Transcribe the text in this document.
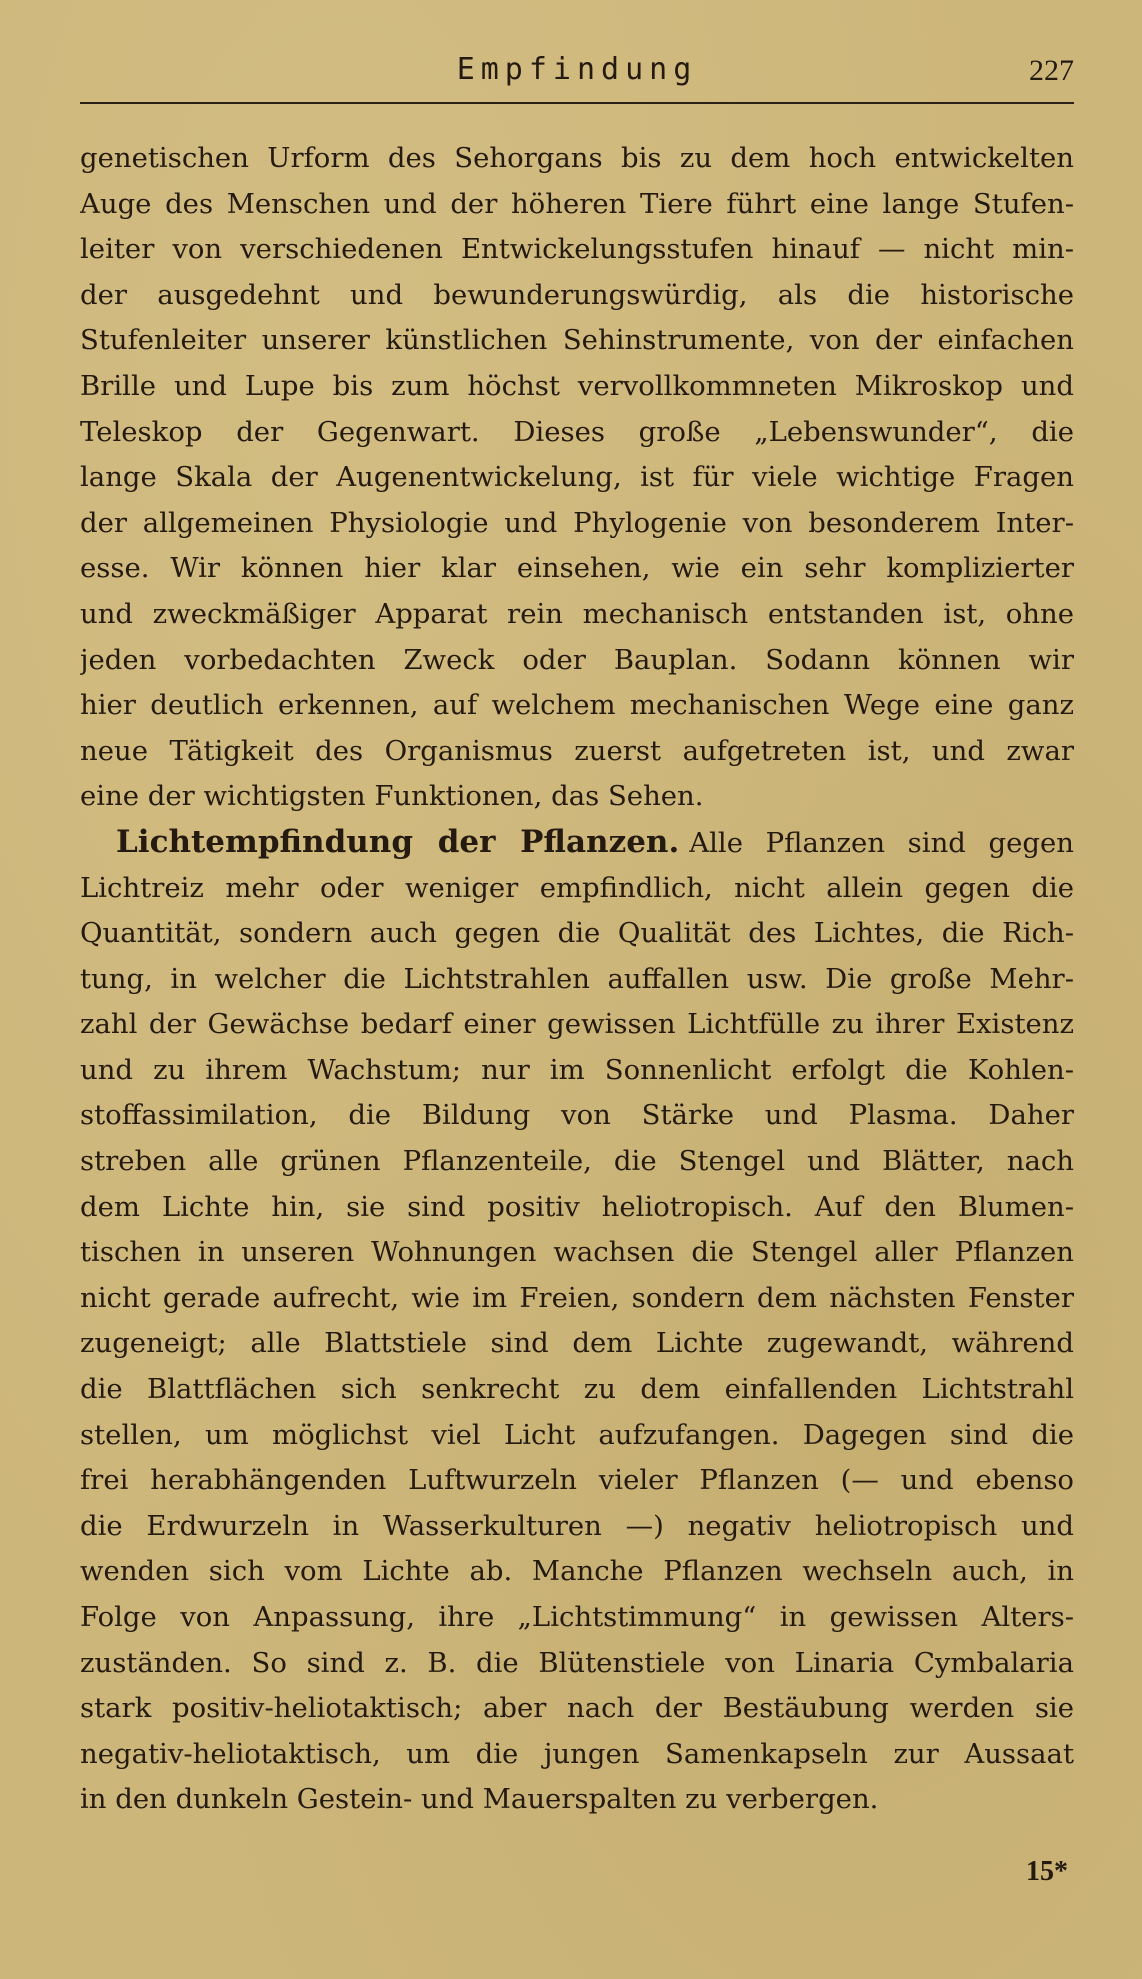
Empfindung	227
genetischen Urform des Sehorgans bis zu dem hoch entwickelten
Auge des Menschen und der höheren Tiere führt eine lange Stufen-
leiter von verschiedenen Entwickelungsstufen hinauf — nicht min-
der ausgedehnt und bewunderungswürdig, als die historische
Stufenleiter unserer künstlichen Sehinstrumente, von der einfachen
Brille und Lupe bis zum höchst vervollkommneten Mikroskop und
Teleskop der Gegenwart. Dieses große „Lebenswunder“, die
lange Skala der Augenentwickelung, ist für viele wichtige Fragen
der allgemeinen Physiologie und Phylogenie von besonderem Inter-
esse. Wir können hier klar einsehen, wie ein sehr komplizierter
und zweckmäßiger Apparat rein mechanisch entstanden ist, ohne
jeden vorbedachten Zweck oder Bauplan. Sodann können wir
hier deutlich erkennen, auf welchem mechanischen Wege eine ganz
neue Tätigkeit des Organismus zuerst aufgetreten ist, und zwar
eine der wichtigsten Funktionen, das Sehen.
Lichtempfindung der Pflanzen. Alle Pflanzen sind gegen
Lichtreiz mehr oder weniger empfindlich, nicht allein gegen die
Quantität, sondern auch gegen die Qualität des Lichtes, die Rich-
tung, in welcher die Lichtstrahlen auffallen usw. Die große Mehr-
zahl der Gewächse bedarf einer gewissen Lichtfülle zu ihrer Existenz
und zu ihrem Wachstum; nur im Sonnenlicht erfolgt die Kohlen-
stoffassimilation, die Bildung von Stärke und Plasma. Daher
streben alle grünen Pflanzenteile, die Stengel und Blätter, nach
dem Lichte hin, sie sind positiv heliotropisch. Auf den Blumen-
tischen in unseren Wohnungen wachsen die Stengel aller Pflanzen
nicht gerade aufrecht, wie im Freien, sondern dem nächsten Fenster
zugeneigt; alle Blattstiele sind dem Lichte zugewandt, während
die Blattflächen sich senkrecht zu dem einfallenden Lichtstrahl
stellen, um möglichst viel Licht aufzufangen. Dagegen sind die
frei herabhängenden Luftwurzeln vieler Pflanzen (— und ebenso
die Erdwurzeln in Wasserkulturen —) negativ heliotropisch und
wenden sich vom Lichte ab. Manche Pflanzen wechseln auch, in
Folge von Anpassung, ihre „Lichtstimmung“ in gewissen Alters-
zuständen. So sind z. B. die Blütenstiele von Linaria Cymbalaria
stark positiv-heliotaktisch; aber nach der Bestäubung werden sie
negativ-heliotaktisch, um die jungen Samenkapseln zur Aussaat
in den dunkeln Gestein- und Mauerspalten zu verbergen.
15*
